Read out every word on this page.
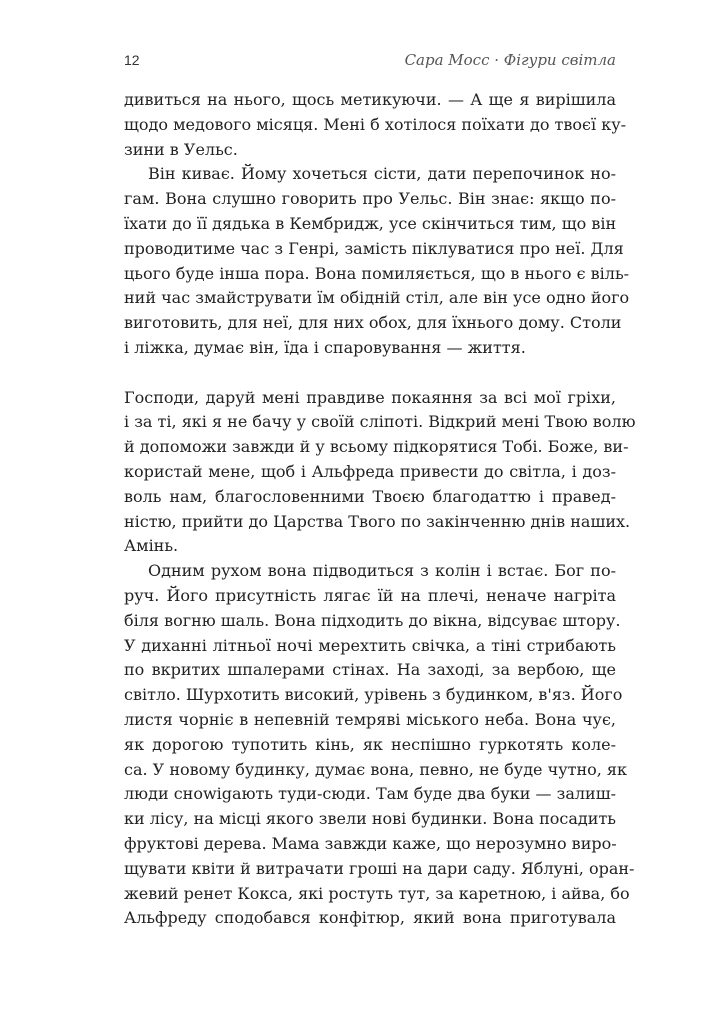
12	Сара Мосс · Фігури світла
дивиться на нього, щось метикуючи. — А ще я вирішила
щодо медового місяця. Мені б хотілося поїхати до твоєї ку-
зини в Уельс.
Він киває. Йому хочеться сісти, дати перепочинок но-
гам. Вона слушно говорить про Уельс. Він знає: якщо по-
їхати до її дядька в Кембридж, усе скінчиться тим, що він
проводитиме час з Генрі, замість піклуватися про неї. Для
цього буде інша пора. Вона помиляється, що в нього є віль-
ний час змайструвати їм обідній стіл, але він усе одно його
виготовить, для неї, для них обох, для їхнього дому. Столи
і ліжка, думає він, їда і спаровування — життя.
Господи, даруй мені правдиве покаяння за всі мої гріхи,
і за ті, які я не бачу у своїй сліпоті. Відкрий мені Твою волю
й допоможи завжди й у всьому підкорятися Тобі. Боже, ви-
користай мене, щоб і Альфреда привести до світла, і доз-
воль нам, благословенними Твоєю благодаттю і правед-
ністю, прийти до Царства Твого по закінченню днів наших.
Амінь.
Одним рухом вона підводиться з колін і встає. Бог по-
руч. Його присутність лягає їй на плечі, неначе нагріта
біля вогню шаль. Вона підходить до вікна, відсуває штору.
У диханні літньої ночі мерехтить свічка, а тіні стрибають
по вкритих шпалерами стінах. На заході, за вербою, ще
світло. Шурхотить високий, урівень з будинком, в'яз. Його
листя чорніє в непевній темряві міського неба. Вона чує,
як дорогою тупотить кінь, як неспішно гуркотять коле-
са. У новому будинку, думає вона, певно, не буде чутно, як
люди снowigають туди-сюди. Там буде два буки — залиш-
ки лісу, на місці якого звели нові будинки. Вона посадить
фруктові дерева. Мама завжди каже, що нерозумно виро-
щувати квіти й витрачати гроші на дари саду. Яблуні, оран-
жевий ренет Кокса, які ростуть тут, за каретною, і айва, бо
Альфреду сподобався конфітюр, який вона приготувала
